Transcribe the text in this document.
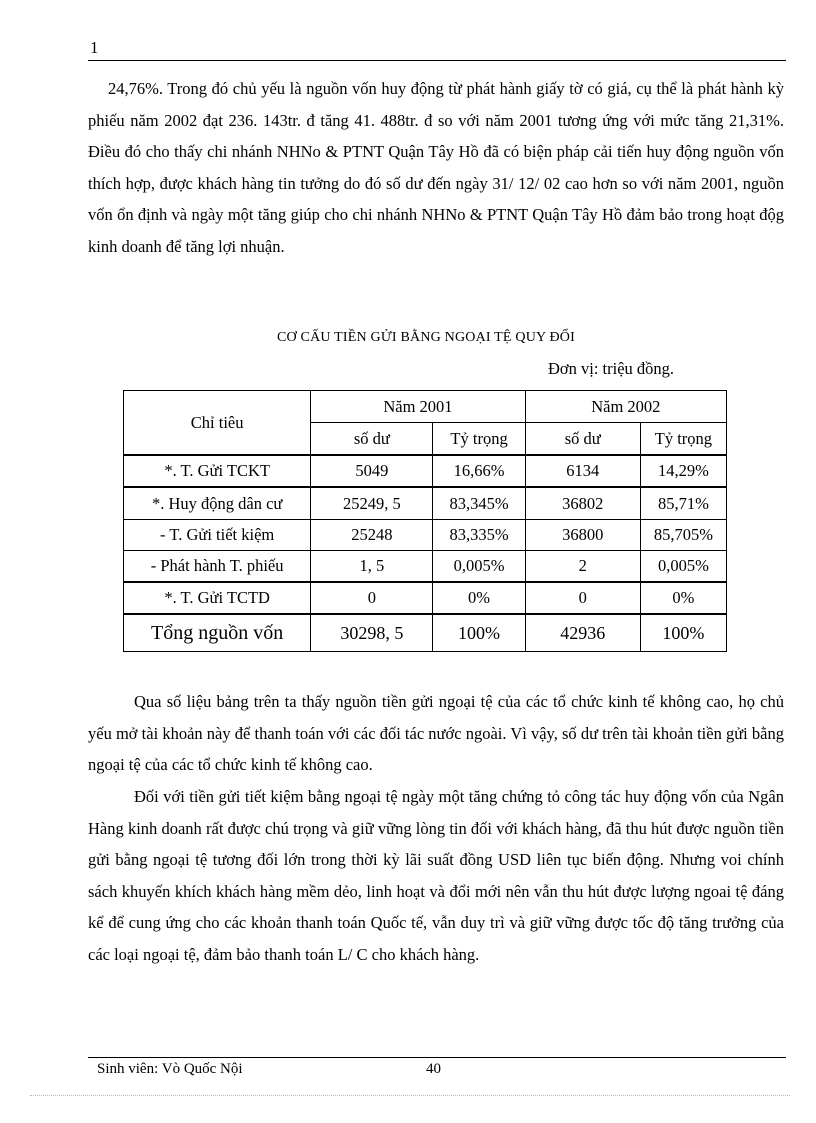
1

24,76%. Trong đó chủ yếu là nguồn vốn huy động từ phát hành giấy tờ có giá, cụ thể là phát hành kỳ phiếu năm 2002 đạt 236. 143tr. đ tăng 41. 488tr. đ so với năm 2001 tương ứng với mức tăng 21,31%. Điều đó cho thấy chi nhánh NHNo & PTNT Quận Tây Hồ đã có biện pháp cải tiến huy động nguồn vốn thích hợp, được khách hàng tin tưởng do đó số dư đến ngày 31/ 12/ 02 cao hơn so với năm 2001, nguồn vốn ổn định và ngày một tăng giúp cho chi nhánh NHNo & PTNT Quận Tây Hồ đảm bảo trong hoạt độg kinh doanh để tăng lợi nhuận.

CƠ CẤU TIỀN GỬI BẰNG NGOẠI TỆ QUY ĐỔI
Đơn vị: triệu đồng.
Chỉ tiêu	Năm 2001		Năm 2002	
	số dư	Tỷ trọng	số dư	Tỷ trọng
*. T. Gửi TCKT	5049	16,66%	6134	14,29%
*. Huy động dân cư	25249, 5	83,345%	36802	85,71%
- T. Gửi tiết kiệm	25248	83,335%	36800	85,705%
- Phát hành T. phiếu	1, 5	0,005%	2	0,005%
*. T. Gửi TCTD	0	0%	0	0%
Tổng nguồn vốn	30298, 5	100%	42936	100%

Qua số liệu bảng trên ta thấy nguồn tiền gửi ngoại tệ của các tổ chức kinh tế không cao, họ chủ yếu mở tài khoản này để thanh toán với các đối tác nước ngoài. Vì vậy, số dư trên tài khoản tiền gửi bằng ngoại tệ của các tổ chức kinh tế không cao.

Đối với tiền gửi tiết kiệm bằng ngoại tệ ngày một tăng chứng tỏ công tác huy động vốn của Ngân Hàng kinh doanh rất được chú trọng và giữ vững lòng tin đối với khách hàng, đã thu hút được nguồn tiền gửi bằng ngoại tệ tương đối lớn trong thời kỳ lãi suất đồng USD liên tục biến động. Nhưng voi chính sách khuyến khích khách hàng mềm dẻo, linh hoạt và đổi mới nên vẫn thu hút được lượng ngoai tệ đáng kể để cung ứng cho các khoản thanh toán Quốc tế, vẫn duy trì và giữ vững được tốc độ tăng trưởng của các loại ngoại tệ, đảm bảo thanh toán L/ C cho khách hàng.

Sinh viên: Vò Quốc Nội	40
